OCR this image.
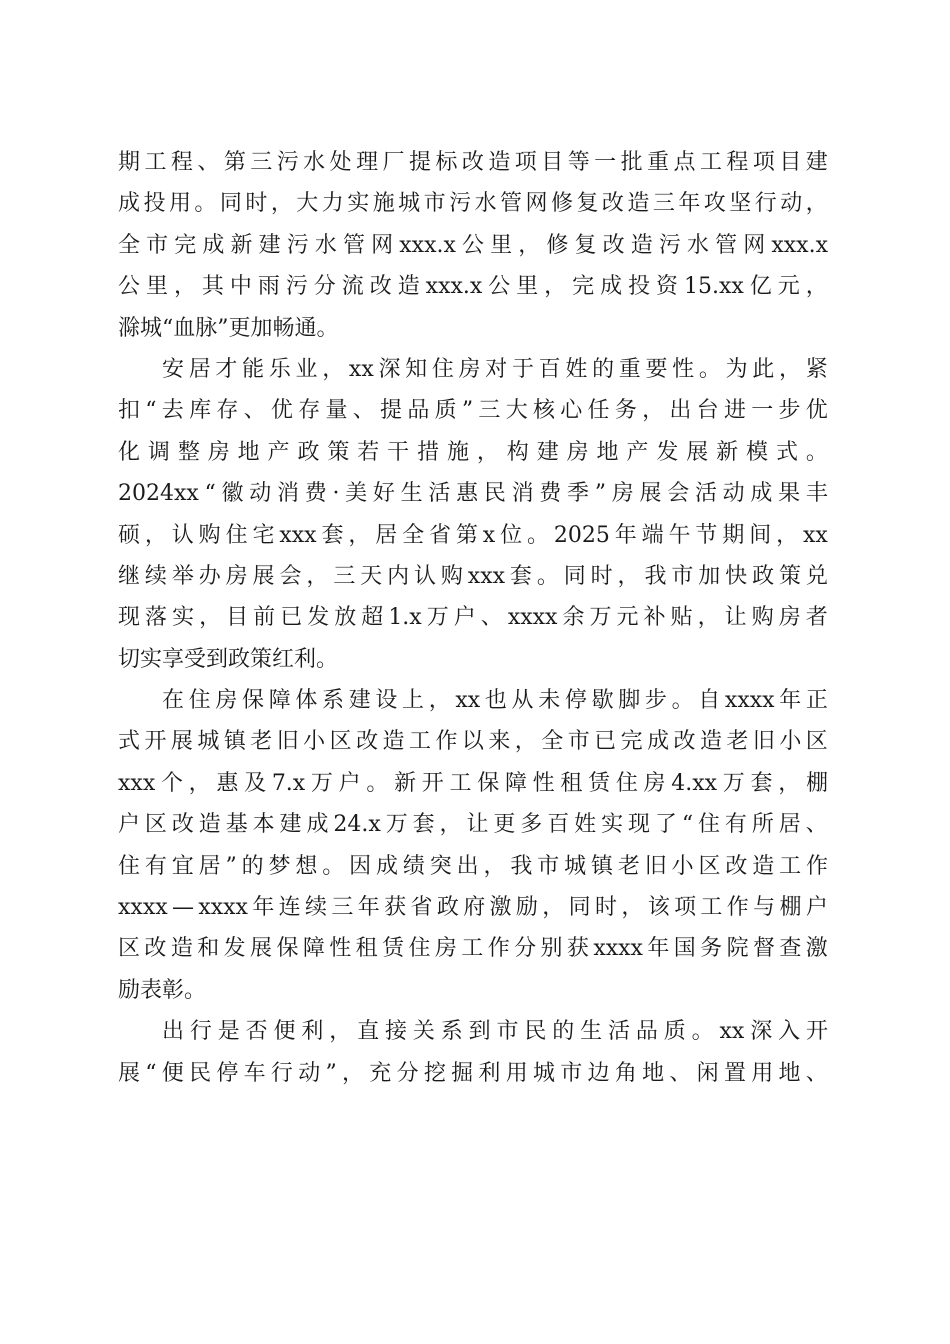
期 工 程 、 第 三 污 水 处 理 厂 提 标 改 造 项 目 等 一 批 重 点 工 程 项 目 建
成 投 用 。 同 时 ， 大 力 实 施 城 市 污 水 管 网 修 复 改 造 三 年 攻 坚 行 动 ，
全 市 完 成 新 建 污 水 管 网 xxx.x 公 里 ， 修 复 改 造 污 水 管 网 xxx.x
公 里 ， 其 中 雨 污 分 流 改 造 xxx.x 公 里 ， 完 成 投 资 15.xx 亿 元 ，
滁城“血脉”更加畅通。
安 居 才 能 乐 业 ， xx 深 知 住 房 对 于 百 姓 的 重 要 性 。 为 此 ， 紧
扣 “ 去 库 存 、 优 存 量 、 提 品 质 ” 三 大 核 心 任 务 ， 出 台 进 一 步 优
化 调 整 房 地 产 政 策 若 干 措 施 ， 构 建 房 地 产 发 展 新 模 式 。
2024xx “ 徽 动 消 费 · 美 好 生 活 惠 民 消 费 季 ” 房 展 会 活 动 成 果 丰
硕 ， 认 购 住 宅 xxx 套 ， 居 全 省 第 x 位 。 2025 年 端 午 节 期 间 ， xx
继 续 举 办 房 展 会 ， 三 天 内 认 购 xxx 套 。 同 时 ， 我 市 加 快 政 策 兑
现 落 实 ， 目 前 已 发 放 超 1.x 万 户 、 xxxx 余 万 元 补 贴 ， 让 购 房 者
切实享受到政策红利。
在 住 房 保 障 体 系 建 设 上 ， xx 也 从 未 停 歇 脚 步 。 自 xxxx 年 正
式 开 展 城 镇 老 旧 小 区 改 造 工 作 以 来 ， 全 市 已 完 成 改 造 老 旧 小 区
xxx 个 ， 惠 及 7.x 万 户 。 新 开 工 保 障 性 租 赁 住 房 4.xx 万 套 ， 棚
户 区 改 造 基 本 建 成 24.x 万 套 ， 让 更 多 百 姓 实 现 了 “ 住 有 所 居 、
住 有 宜 居 ” 的 梦 想 。 因 成 绩 突 出 ， 我 市 城 镇 老 旧 小 区 改 造 工 作
xxxx — xxxx 年 连 续 三 年 获 省 政 府 激 励 ， 同 时 ， 该 项 工 作 与 棚 户
区 改 造 和 发 展 保 障 性 租 赁 住 房 工 作 分 别 获 xxxx 年 国 务 院 督 查 激
励表彰。
出 行 是 否 便 利 ， 直 接 关 系 到 市 民 的 生 活 品 质 。 xx 深 入 开
展 “ 便 民 停 车 行 动 ” ， 充 分 挖 掘 利 用 城 市 边 角 地 、 闲 置 用 地 、
